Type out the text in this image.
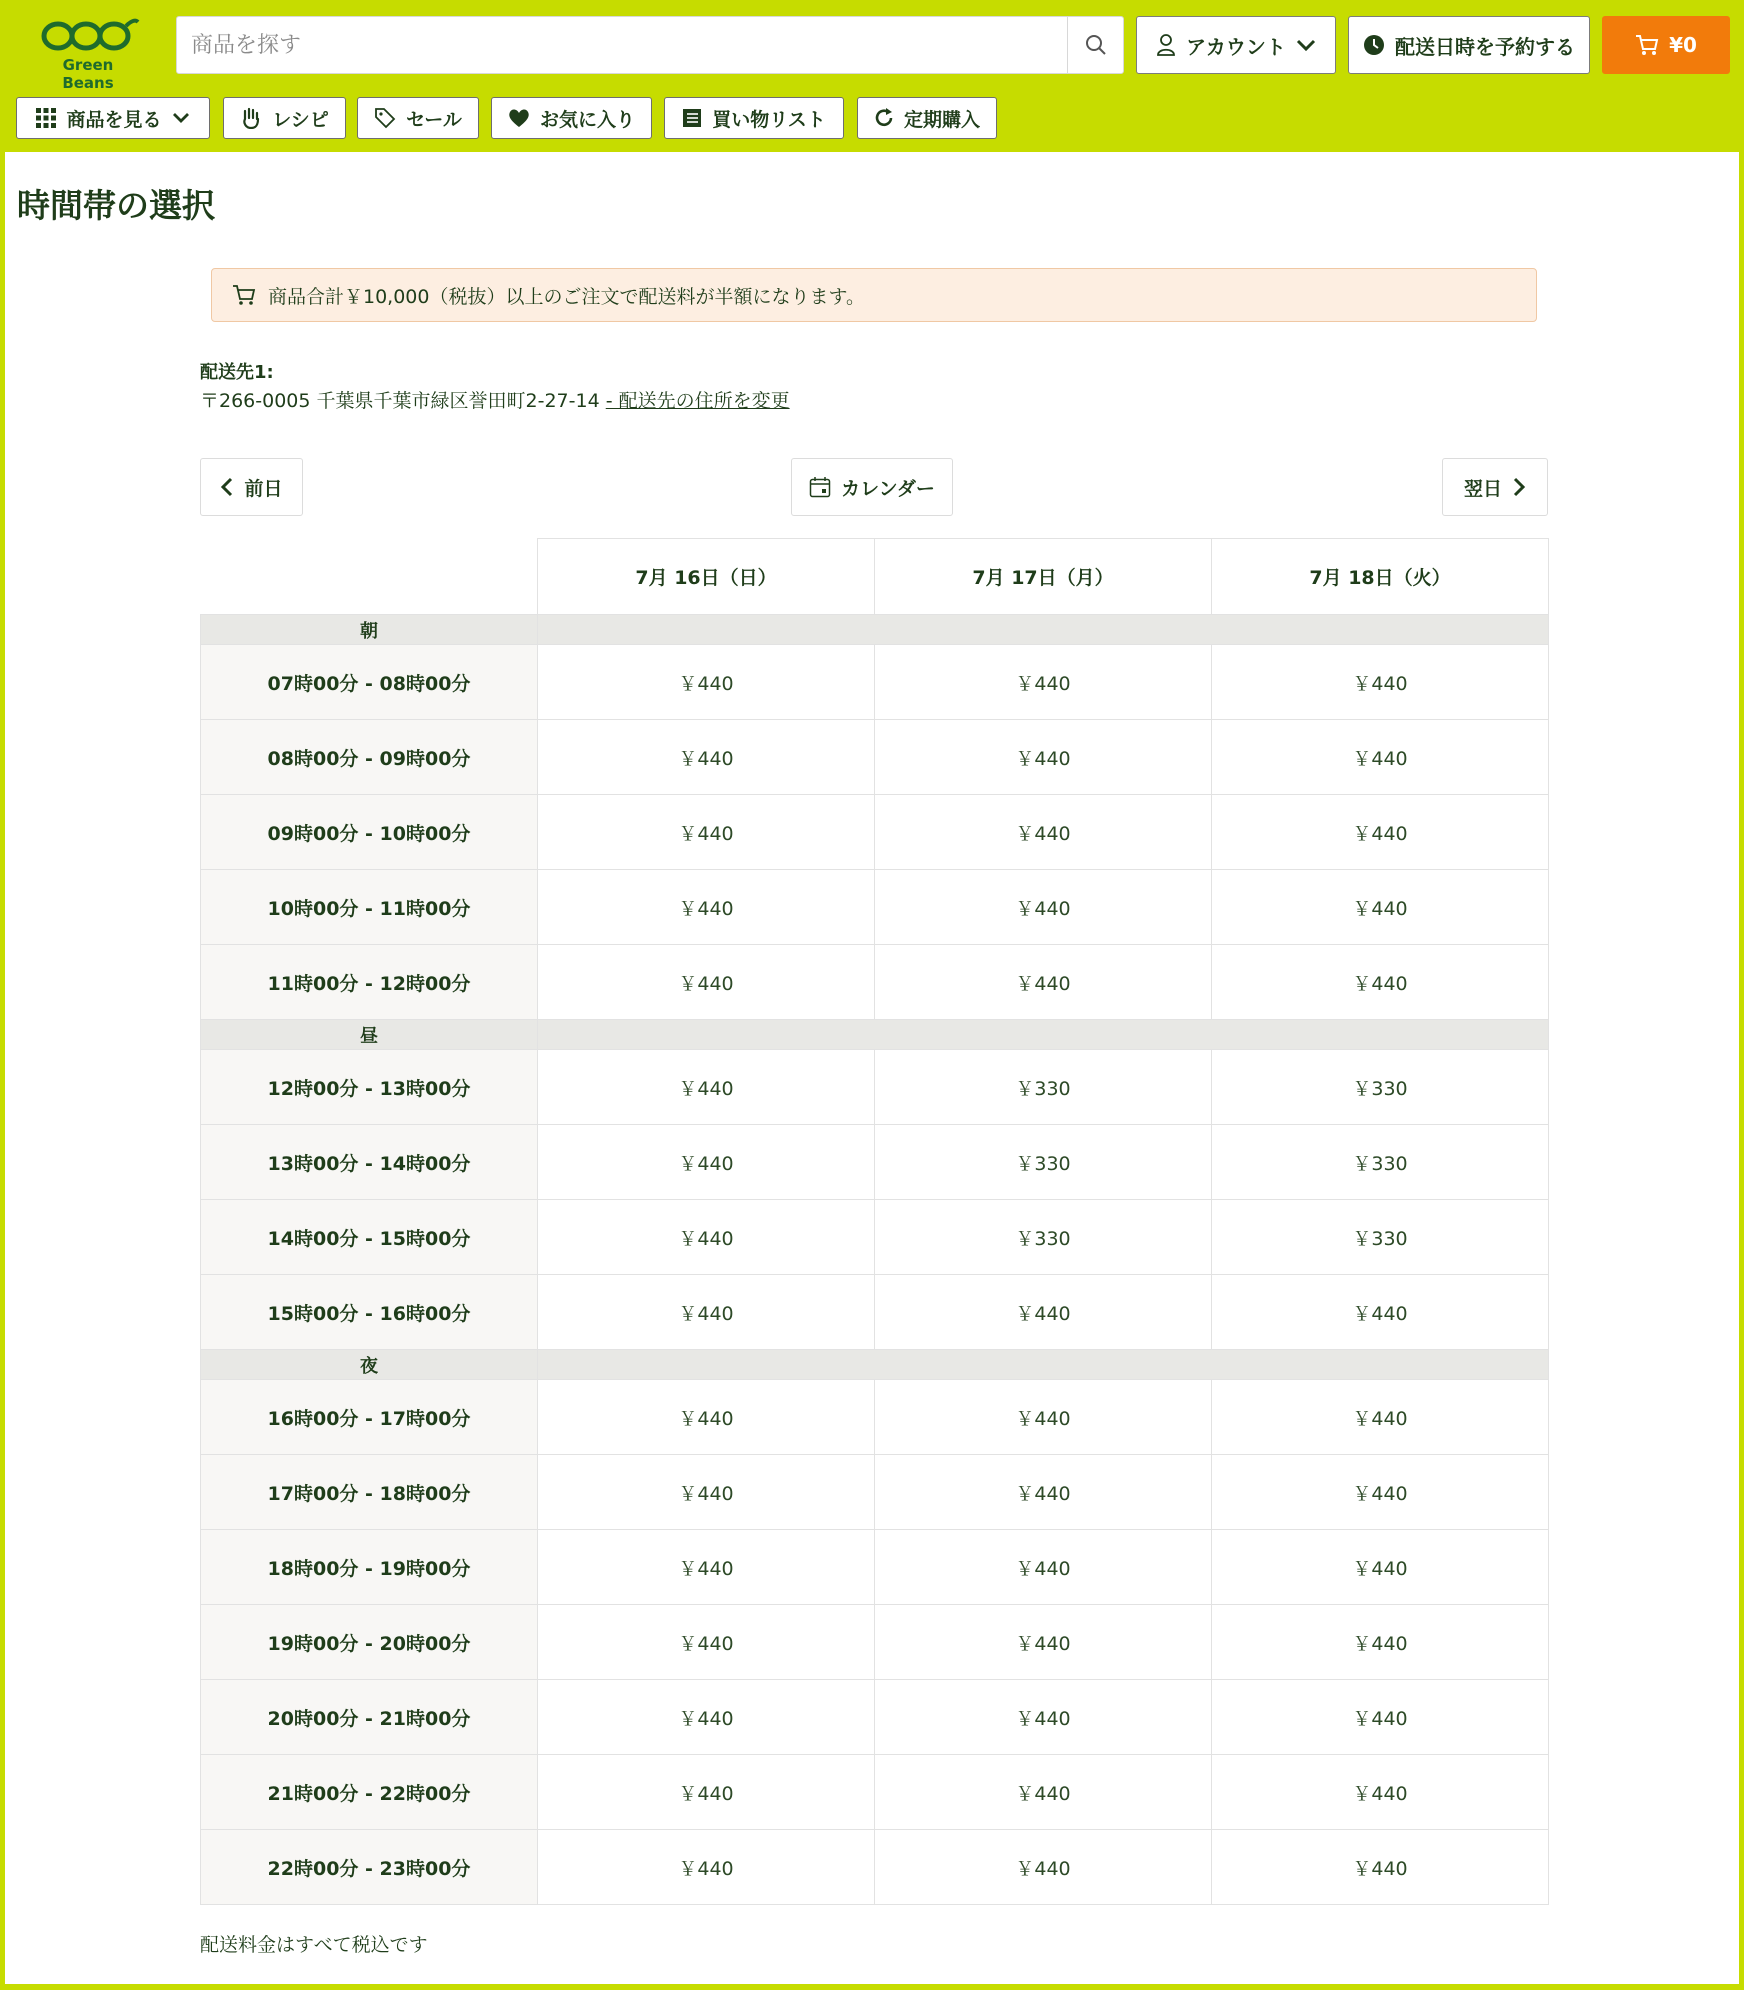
Green Beans
商品を探す
アカウント	配送日時を予約する	¥0
商品を見る	レシピ	セール	お気に入り	買い物リスト	定期購入
時間帯の選択
商品合計￥10,000（税抜）以上のご注文で配送料が半額になります。
配送先1:
〒266-0005 千葉県千葉市緑区誉田町2-27-14 - 配送先の住所を変更
前日	カレンダー	翌日
	7月 16日（日）	7月 17日（月）	7月 18日（火）
朝			
07時00分 - 08時00分	￥440	￥440	￥440
08時00分 - 09時00分	￥440	￥440	￥440
09時00分 - 10時00分	￥440	￥440	￥440
10時00分 - 11時00分	￥440	￥440	￥440
11時00分 - 12時00分	￥440	￥440	￥440
昼			
12時00分 - 13時00分	￥440	￥330	￥330
13時00分 - 14時00分	￥440	￥330	￥330
14時00分 - 15時00分	￥440	￥330	￥330
15時00分 - 16時00分	￥440	￥440	￥440
夜			
16時00分 - 17時00分	￥440	￥440	￥440
17時00分 - 18時00分	￥440	￥440	￥440
18時00分 - 19時00分	￥440	￥440	￥440
19時00分 - 20時00分	￥440	￥440	￥440
20時00分 - 21時00分	￥440	￥440	￥440
21時00分 - 22時00分	￥440	￥440	￥440
22時00分 - 23時00分	￥440	￥440	￥440
配送料金はすべて税込です
